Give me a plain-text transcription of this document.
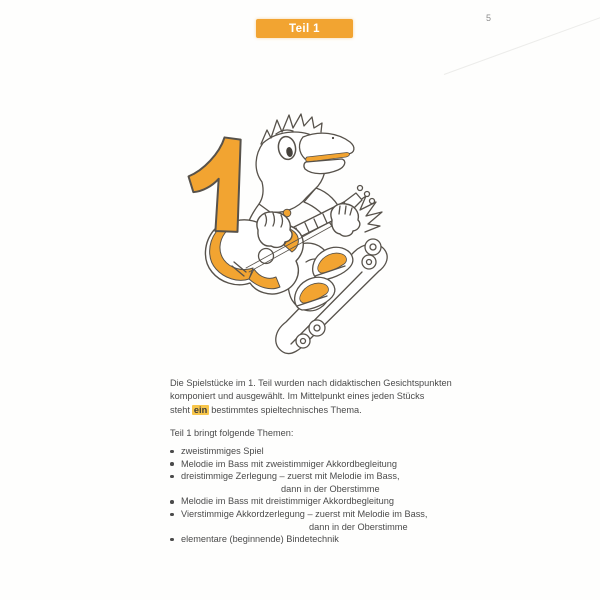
Teil 1
5
Die Spielstücke im 1. Teil wurden nach didaktischen Gesichtspunkten
komponiert und ausgewählt. Im Mittelpunkt eines jeden Stücks
steht ein bestimmtes spieltechnisches Thema.
Teil 1 bringt folgende Themen:
zweistimmiges Spiel
Melodie im Bass mit zweistimmiger Akkordbegleitung
dreistimmige Zerlegung – zuerst mit Melodie im Bass,
dann in der Oberstimme
Melodie im Bass mit dreistimmiger Akkordbegleitung
Vierstimmige Akkordzerlegung – zuerst mit Melodie im Bass,
dann in der Oberstimme
elementare (beginnende) Bindetechnik
